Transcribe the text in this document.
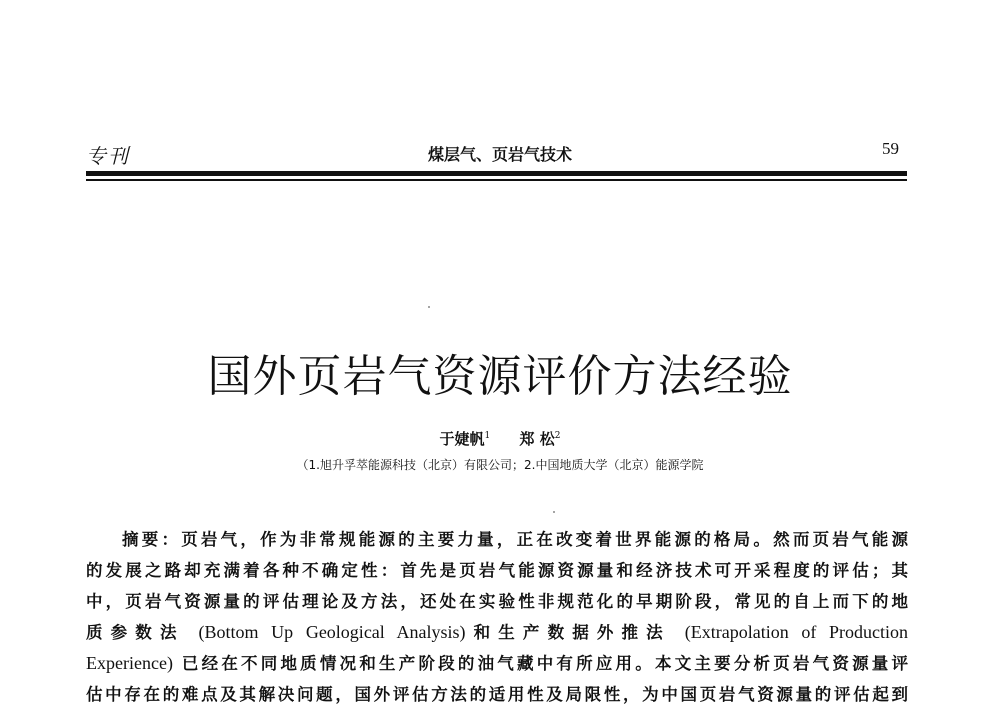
专刊	煤层气、页岩气技术	59
国外页岩气资源评价方法经验
于婕帆$^1$ 郑 松$^2$
（1.旭升孚萃能源科技（北京）有限公司；2.中国地质大学（北京）能源学院
摘要：页岩气，作为非常规能源的主要力量，正在改变着世界能源的格局。然而页岩气能源
的发展之路却充满着各种不确定性：首先是页岩气能源资源量和经济技术可开采程度的评估；其
中，页岩气资源量的评估理论及方法，还处在实验性非规范化的早期阶段，常见的自上而下的地
质参数法 (Bottom Up Geological Analysis)和生产数据外推法 (Extrapolation of Production
Experience) 已经在不同地质情况和生产阶段的油气藏中有所应用。本文主要分析页岩气资源量评
估中存在的难点及其解决问题，国外评估方法的适用性及局限性，为中国页岩气资源量的评估起到
